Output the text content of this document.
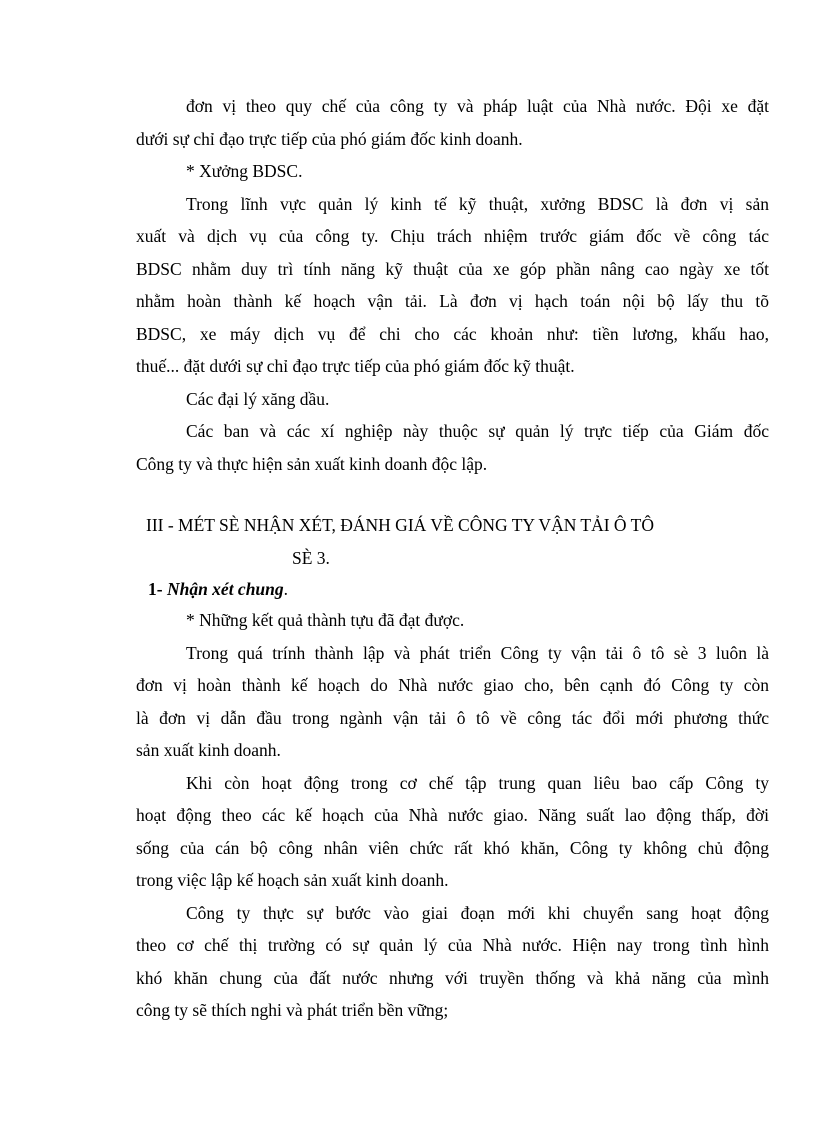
đơn vị theo quy chế của công ty và pháp luật của Nhà nước. Đội xe đặt
dưới sự chỉ đạo trực tiếp của phó giám đốc kinh doanh.
* Xưởng BDSC.
Trong lĩnh vực quản lý kinh tế kỹ thuật, xưởng BDSC là đơn vị sản
xuất và dịch vụ của công ty. Chịu trách nhiệm trước giám đốc về công tác
BDSC nhằm duy trì tính năng kỹ thuật của xe góp phần nâng cao ngày xe tốt
nhằm hoàn thành kế hoạch vận tải. Là đơn vị hạch toán nội bộ lấy thu tõ
BDSC, xe máy dịch vụ để chi cho các khoản như: tiền lương, khấu hao,
thuế... đặt dưới sự chỉ đạo trực tiếp của phó giám đốc kỹ thuật.
Các đại lý xăng dầu.
Các ban và các xí nghiệp này thuộc sự quản lý trực tiếp của Giám đốc
Công ty và thực hiện sản xuất kinh doanh độc lập.
III - MÉT SÈ NHẬN XÉT, ĐÁNH GIÁ VỀ CÔNG TY VẬN TẢI Ô TÔ
SÈ 3.
1- Nhận xét chung.
* Những kết quả thành tựu đã đạt được.
Trong quá trính thành lập và phát triển Công ty vận tải ô tô sè 3 luôn là
đơn vị hoàn thành kế hoạch do Nhà nước giao cho, bên cạnh đó Công ty còn
là đơn vị dẫn đầu trong ngành vận tải ô tô về công tác đổi mới phương thức
sản xuất kinh doanh.
Khi còn hoạt động trong cơ chế tập trung quan liêu bao cấp Công ty
hoạt động theo các kế hoạch của Nhà nước giao. Năng suất lao động thấp, đời
sống của cán bộ công nhân viên chức rất khó khăn, Công ty không chủ động
trong việc lập kế hoạch sản xuất kinh doanh.
Công ty thực sự bước vào giai đoạn mới khi chuyển sang hoạt động
theo cơ chế thị trường có sự quản lý của Nhà nước. Hiện nay trong tình hình
khó khăn chung của đất nước nhưng với truyền thống và khả năng của mình
công ty sẽ thích nghi và phát triển bền vững;
